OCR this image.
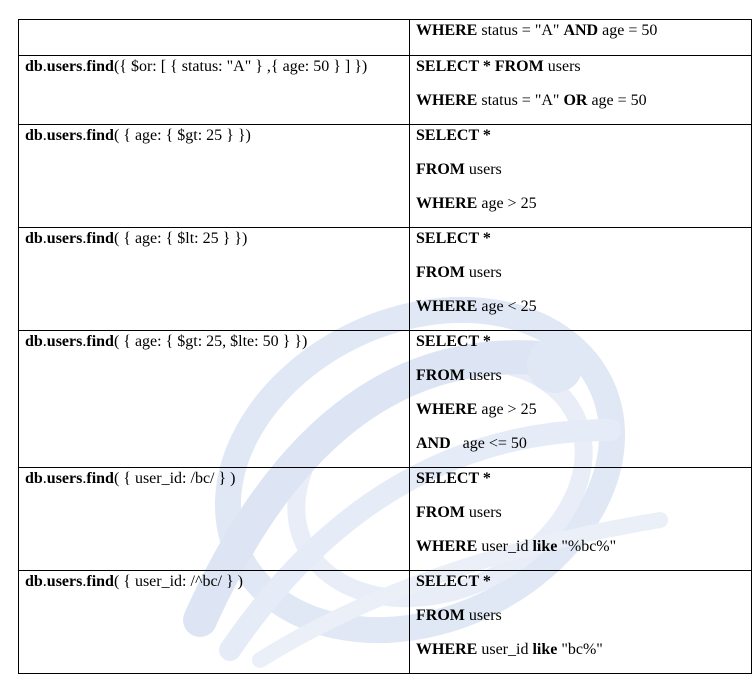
	WHERE status = "A" AND age = 50

db.users.find({ $or: [ { status: "A" } ,{ age: 50 } ] })	SELECT * FROM users
WHERE status = "A" OR age = 50

db.users.find( { age: { $gt: 25 } })	SELECT *
FROM users
WHERE age > 25

db.users.find( { age: { $lt: 25 } })	SELECT *
FROM users
WHERE age < 25

db.users.find( { age: { $gt: 25, $lte: 50 } })	SELECT *
FROM users
WHERE age > 25
AND   age <= 50

db.users.find( { user_id: /bc/ } )	SELECT *
FROM users
WHERE user_id like "%bc%"

db.users.find( { user_id: /^bc/ } )	SELECT *
FROM users
WHERE user_id like "bc%"
